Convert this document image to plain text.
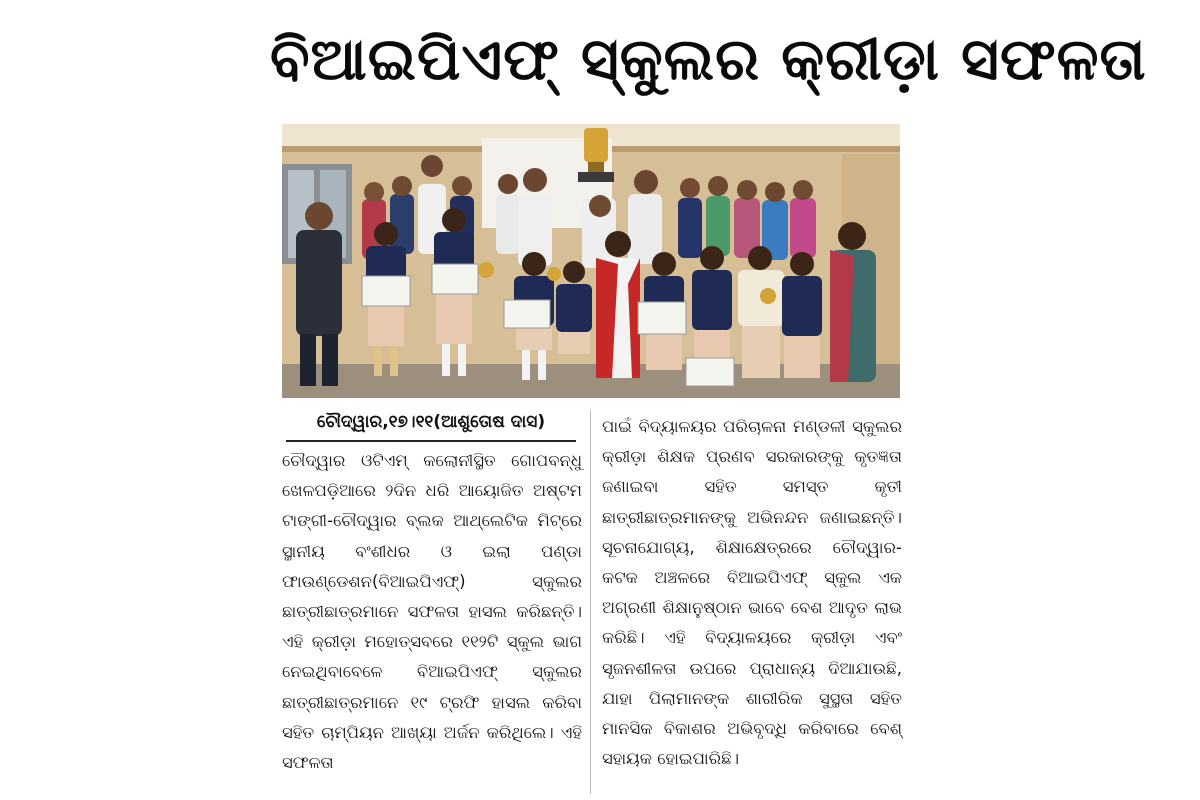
ବିଆଇପିଏଫ୍ ସ୍କୁଲର କ୍ରୀଡ଼ା ସଫଳତା
ଚୌଦ୍ୱାର,୧୭।୧୧(ଆଶୁତୋଷ ଦାସ)

ଚୌଦ୍ୱାର ଓଟିଏମ୍ କଲୋନୀସ୍ଥିତ ଗୋପବନ୍ଧୁ ଖେଳପଡ଼ିଆରେ ୨ଦିନ ଧରି ଆୟୋଜିତ ଅଷ୍ଟମ ଟାଙ୍ଗୀ-ଚୌଦ୍ୱାର ବ୍ଲକ ଆଥ୍ଲେଟିକ ମିଟ୍‌ରେ ସ୍ଥାନୀୟ ବଂଶୀଧର ଓ ଇଲା ପଣ୍ଡା ଫାଉଣ୍ଡେଶନ(ବିଆଇପିଏଫ୍) ସ୍କୁଲର ଛାତ୍ରୀଛାତ୍ରମାନେ ସଫଳତା ହାସଲ କରିଛନ୍ତି। ଏହି କ୍ରୀଡ଼ା ମହୋତ୍ସବରେ ୧୧୨ଟି ସ୍କୁଲ ଭାଗ ନେଇଥିବାବେଳେ ବିଆଇପିଏଫ୍ ସ୍କୁଲର ଛାତ୍ରୀଛାତ୍ରମାନେ ୧୯ ଟ୍ରଫି ହାସଲ କରିବା ସହିତ ଚାମ୍ପିୟନ ଆଖ୍ୟା ଅର୍ଜନ କରିଥିଲେ। ଏହି ସଫଳତା

ପାଇଁ ବିଦ୍ୟାଳୟର ପରିଚାଳନା ମଣ୍ଡଳୀ ସ୍କୁଲର କ୍ରୀଡ଼ା ଶିକ୍ଷକ ପ୍ରଣବ ସରକାରଙ୍କୁ କୃତଜ୍ଞତା ଜଣାଇବା ସହିତ ସମସ୍ତ କୃତୀ ଛାତ୍ରୀଛାତ୍ରମାନଙ୍କୁ ଅଭିନନ୍ଦନ ଜଣାଇଛନ୍ତି। ସୂଚନାଯୋଗ୍ୟ, ଶିକ୍ଷାକ୍ଷେତ୍ରରେ ଚୌଦ୍ୱାର-କଟକ ଅଞ୍ଚଳରେ ବିଆଇପିଏଫ୍ ସ୍କୁଲ ଏକ ଅଗ୍ରଣୀ ଶିକ୍ଷାନୁଷ୍ଠାନ ଭାବେ ବେଶ ଆଦୃତ ଲାଭ କରିଛି। ଏହି ବିଦ୍ୟାଳୟରେ କ୍ରୀଡ଼ା ଏବଂ ସୃଜନଶୀଳତା ଉପରେ ପ୍ରାଧାନ୍ୟ ଦିଆଯାଉଛି, ଯାହା ପିଲାମାନଙ୍କ ଶାରୀରିକ ସୁସ୍ଥତା ସହିତ ମାନସିକ ବିକାଶର ଅଭିବୃଦ୍ଧି କରିବାରେ ବେଶ୍ ସହାୟକ ହୋଇପାରିଛି।
